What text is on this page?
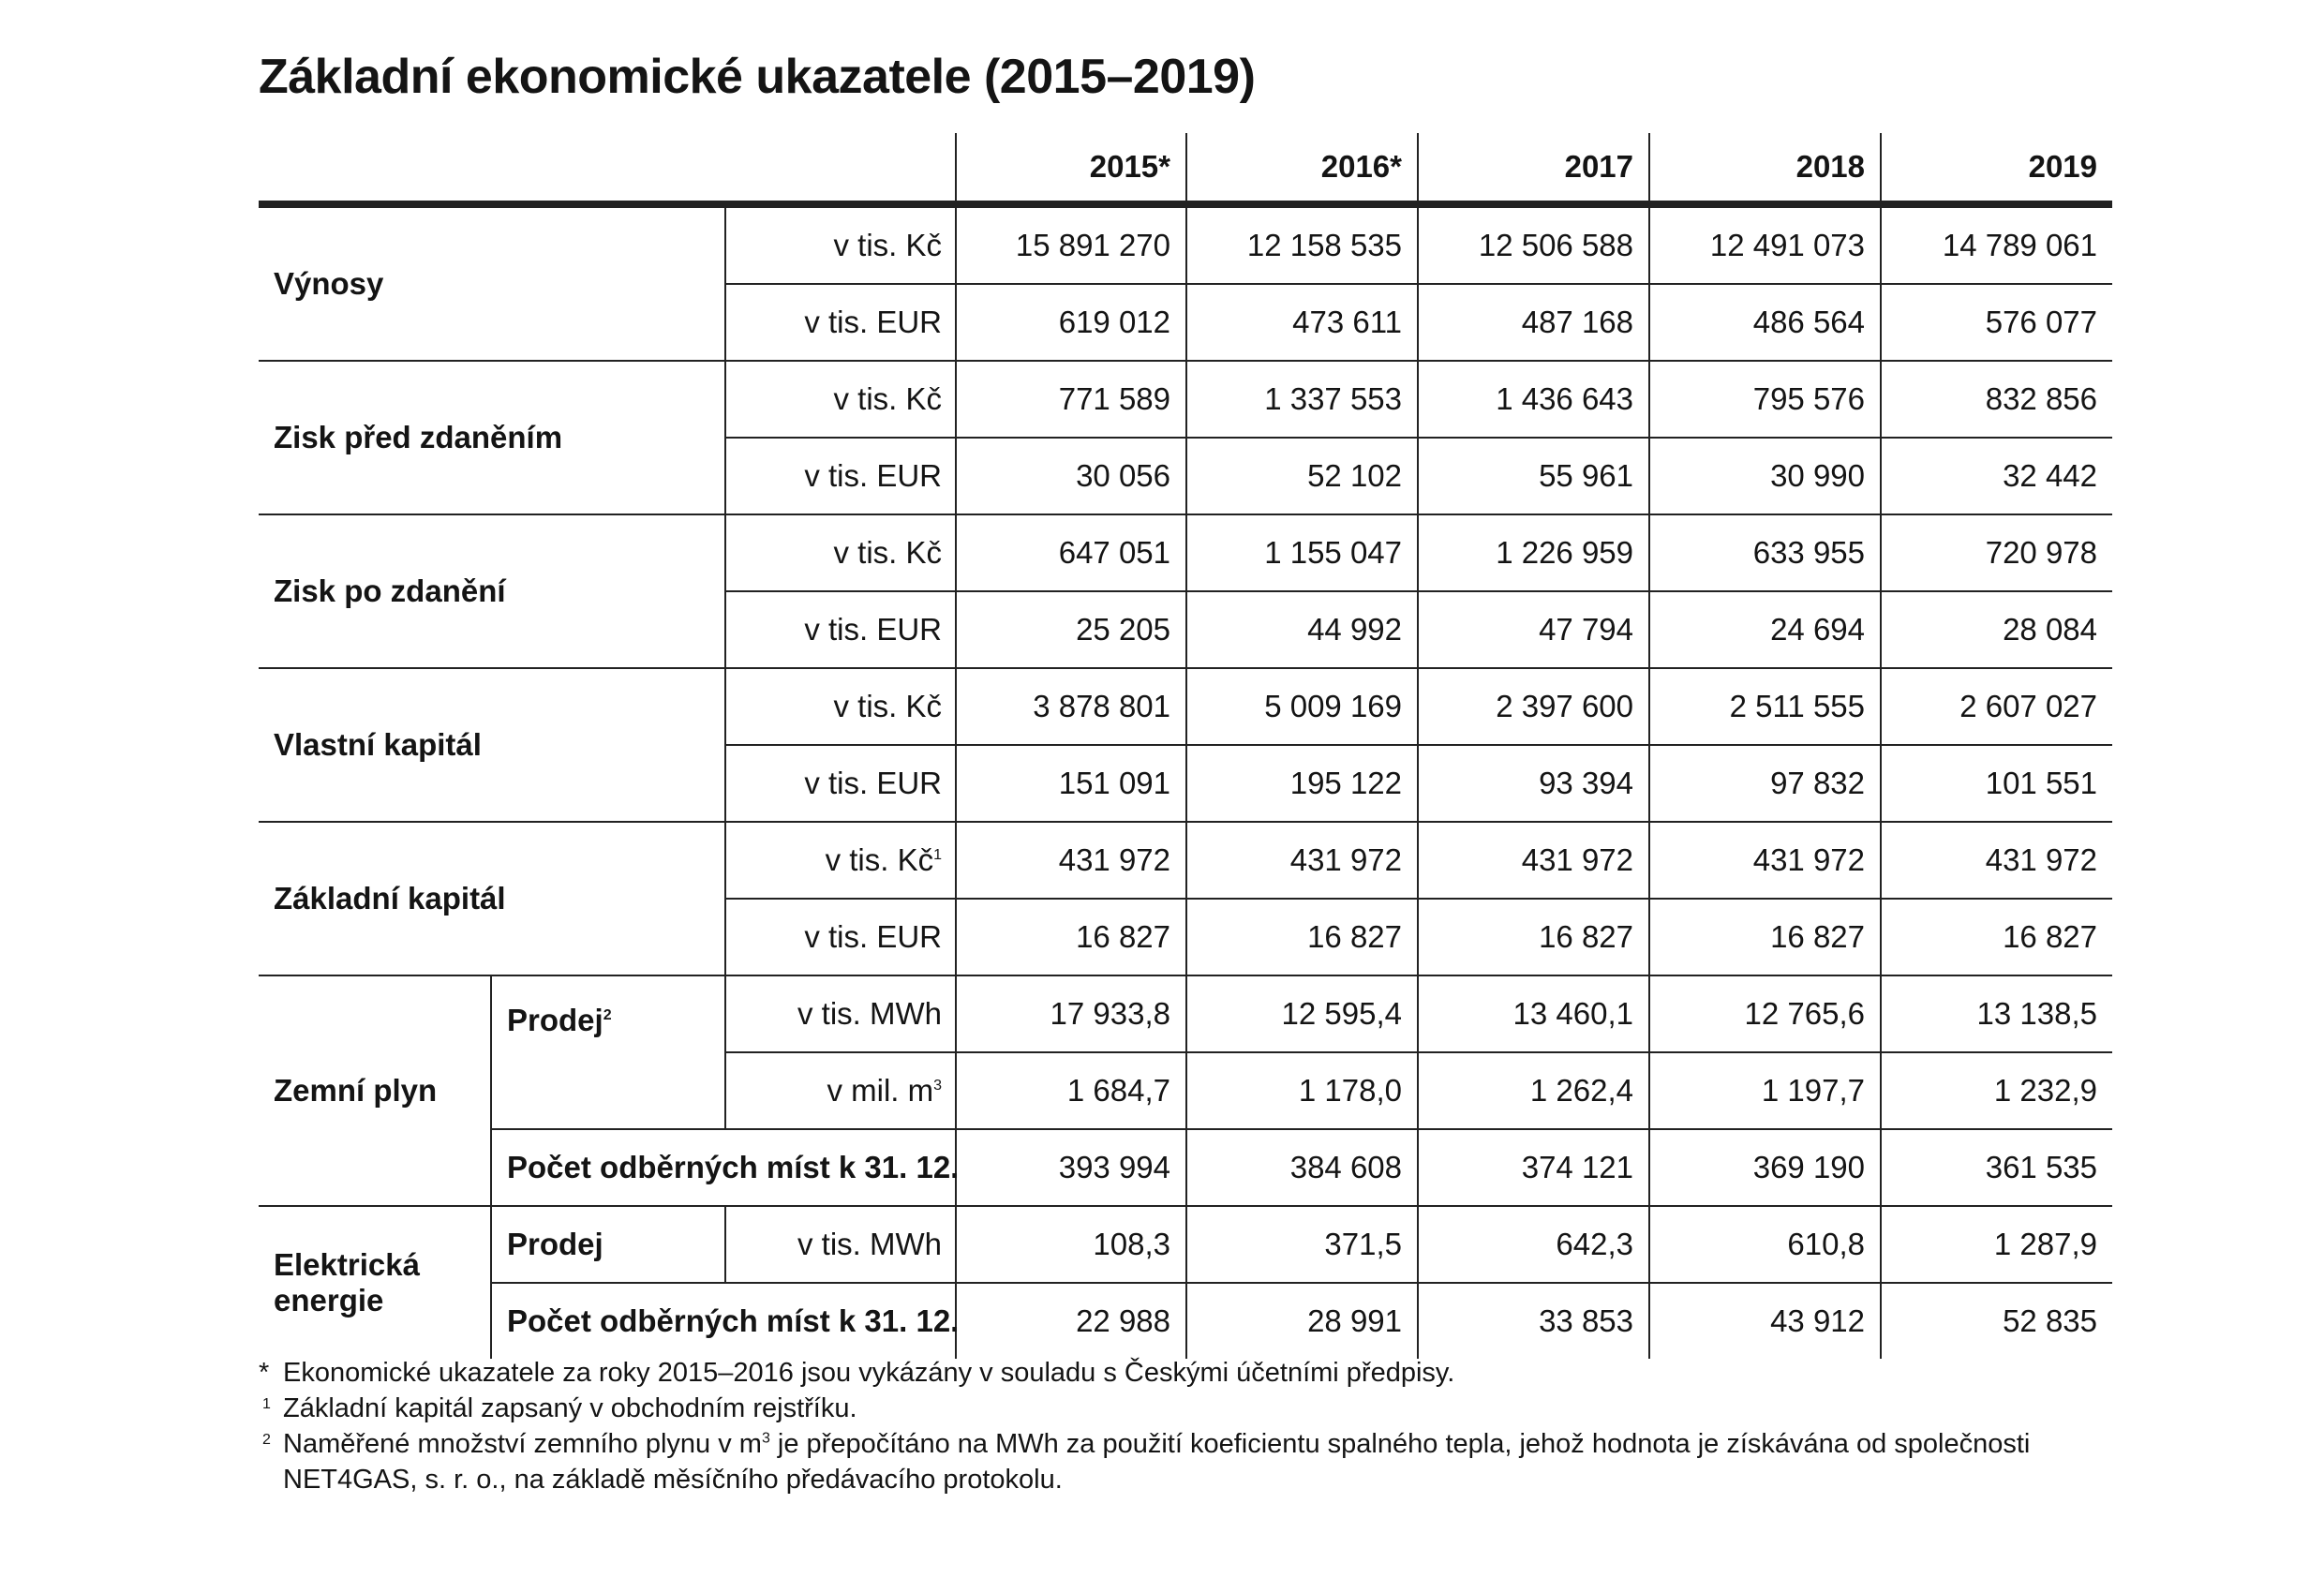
Základní ekonomické ukazatele (2015–2019)
			2015*	2016*	2017	2018	2019
Výnosy		v tis. Kč	15 891 270	12 158 535	12 506 588	12 491 073	14 789 061
		v tis. EUR	619 012	473 611	487 168	486 564	576 077
Zisk před zdaněním		v tis. Kč	771 589	1 337 553	1 436 643	795 576	832 856
		v tis. EUR	30 056	52 102	55 961	30 990	32 442
Zisk po zdanění		v tis. Kč	647 051	1 155 047	1 226 959	633 955	720 978
		v tis. EUR	25 205	44 992	47 794	24 694	28 084
Vlastní kapitál		v tis. Kč	3 878 801	5 009 169	2 397 600	2 511 555	2 607 027
		v tis. EUR	151 091	195 122	93 394	97 832	101 551
Základní kapitál		v tis. $Kč^1$	431 972	431 972	431 972	431 972	431 972
		v tis. EUR	16 827	16 827	16 827	16 827	16 827
Zemní plyn	Prodej$^2$	v tis. MWh	17 933,8	12 595,4	13 460,1	12 765,6	13 138,5
		v mil. $m^3$	1 684,7	1 178,0	1 262,4	1 197,7	1 232,9
	Počet odběrných míst k 31. 12.		393 994	384 608	374 121	369 190	361 535

Elektrická
energie	Prodej	v tis. MWh	108,3	371,5	642,3	610,8	1 287,9
	Počet odběrných míst k 31. 12.		22 988	28 991	33 853	43 912	52 835
* Ekonomické ukazatele za roky 2015–2016 jsou vykázány v souladu s Českými účetními předpisy.
1 Základní kapitál zapsaný v obchodním rejstříku.
2 Naměřené množství zemního plynu v $m^3$ je přepočítáno na MWh za použití koeficientu spalného tepla, jehož hodnota je získávána od společnosti NET4GAS, s. r. o., na základě měsíčního předávacího protokolu.
